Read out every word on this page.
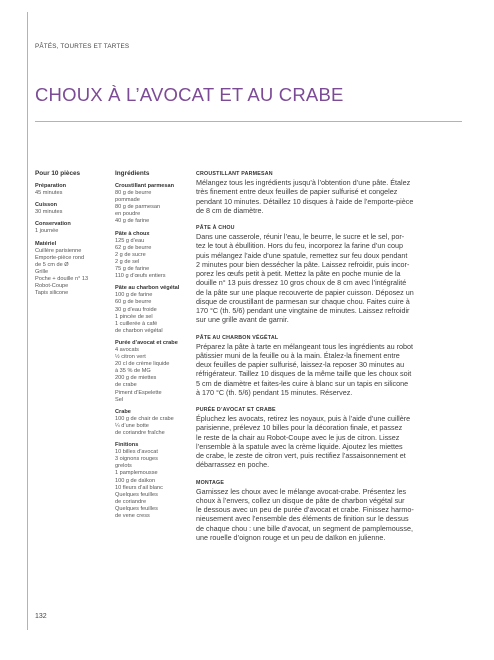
PÂTÉS, TOURTES ET TARTES
CHOUX À L’AVOCAT ET AU CRABE
Pour 10 pièces
Préparation
45 minutes
Cuisson
30 minutes
Conservation
1 journée
Matériel
Cuillère parisienne
Emporte-pièce rond
de 5 cm de Ø
Grille
Poche + douille n° 13
Robot-Coupe
Tapis silicone
Ingrédients
Croustillant parmesan
80 g de beurre
pommade
80 g de parmesan
en poudre
40 g de farine
Pâte à choux
125 g d’eau
62 g de beurre
2 g de sucre
2 g de sel
75 g de farine
110 g d’œufs entiers
Pâte au charbon végétal
100 g de farine
60 g de beurre
30 g d’eau froide
1 pincée de sel
1 cuillerée à café
de charbon végétal
Purée d’avocat et crabe
4 avocats
½ citron vert
20 cl de crème liquide
à 35 % de MG
200 g de miettes
de crabe
Piment d’Espelette
Sel
Crabe
100 g de chair de crabe
¼ d’une botte
de coriandre fraîche
Finitions
10 billes d’avocat
3 oignons rouges
grelots
1 pamplemousse
100 g de daïkon
10 fleurs d’ail blanc
Quelques feuilles
de coriandre
Quelques feuilles
de vene cress
CROUSTILLANT PARMESAN
Mélangez tous les ingrédients jusqu’à l’obtention d’une pâte. Étalez
très finement entre deux feuilles de papier sulfurisé et congelez
pendant 10 minutes. Détaillez 10 disques à l’aide de l’emporte-pièce
de 8 cm de diamètre.
PÂTE À CHOU
Dans une casserole, réunir l’eau, le beurre, le sucre et le sel, por-
tez le tout à ébullition. Hors du feu, incorporez la farine d’un coup
puis mélangez l’aide d’une spatule, remettez sur feu doux pendant
2 minutes pour bien dessécher la pâte. Laissez refroidir, puis incor-
porez les œufs petit à petit. Mettez la pâte en poche munie de la
douille n° 13 puis dressez 10 gros choux de 8 cm avec l’intégralité
de la pâte sur une plaque recouverte de papier cuisson. Déposez un
disque de croustillant de parmesan sur chaque chou. Faites cuire à
170 °C (th. 5/6) pendant une vingtaine de minutes. Laissez refroidir
sur une grille avant de garnir.
PÂTE AU CHARBON VÉGÉTAL
Préparez la pâte à tarte en mélangeant tous les ingrédients au robot
pâtissier muni de la feuille ou à la main. Étalez-la finement entre
deux feuilles de papier sulfurisé, laissez-la reposer 30 minutes au
réfrigérateur. Taillez 10 disques de la même taille que les choux soit
5 cm de diamètre et faites-les cuire à blanc sur un tapis en silicone
à 170 °C (th. 5/6) pendant 15 minutes. Réservez.
PURÉE D’AVOCAT ET CRABE
Épluchez les avocats, retirez les noyaux, puis à l’aide d’une cuillère
parisienne, prélevez 10 billes pour la décoration finale, et passez
le reste de la chair au Robot-Coupe avec le jus de citron. Lissez
l’ensemble à la spatule avec la crème liquide. Ajoutez les miettes
de crabe, le zeste de citron vert, puis rectifiez l’assaisonnement et
débarrassez en poche.
MONTAGE
Garnissez les choux avec le mélange avocat-crabe. Présentez les
choux à l’envers, collez un disque de pâte de charbon végétal sur
le dessous avec un peu de purée d’avocat et crabe. Finissez harmo-
nieusement avec l’ensemble des éléments de finition sur le dessus
de chaque chou : une bille d’avocat, un segment de pamplemousse,
une rouelle d’oignon rouge et un peu de daïkon en julienne.
132
